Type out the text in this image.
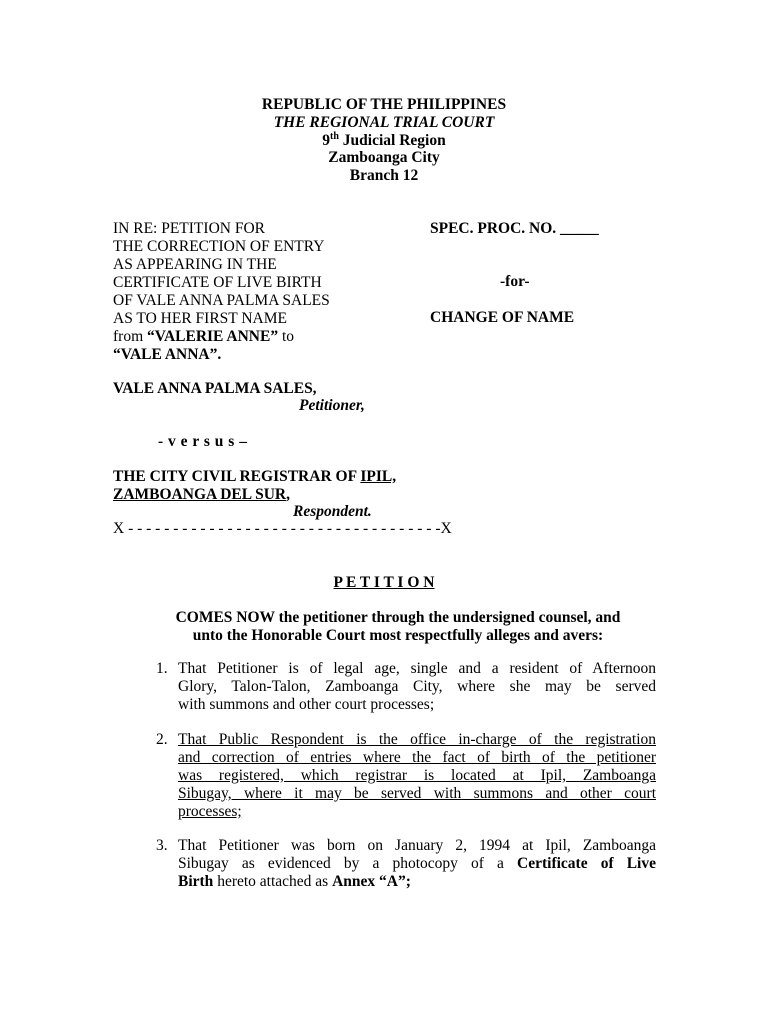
REPUBLIC OF THE PHILIPPINES
THE REGIONAL TRIAL COURT
9th Judicial Region
Zamboanga City
Branch 12
IN RE: PETITION FOR
THE CORRECTION OF ENTRY
AS APPEARING IN THE
CERTIFICATE OF LIVE BIRTH
OF VALE ANNA PALMA SALES
AS TO HER FIRST NAME
from “VALERIE ANNE” to
“VALE ANNA”.
SPEC. PROC. NO. _____
-for-
CHANGE OF NAME
VALE ANNA PALMA SALES,
Petitioner,
- v e r s u s –
THE CITY CIVIL REGISTRAR OF IPIL,
ZAMBOANGA DEL SUR,
Respondent.
X - - - - - - - - - - - - - - - - - - - - - - - - - - - - - - - - - - -X
P E T I T I O N
COMES NOW the petitioner through the undersigned counsel, and
unto the Honorable Court most respectfully alleges and avers:
1. That Petitioner is of legal age, single and a resident of Afternoon
Glory, Talon-Talon, Zamboanga City, where she may be served
with summons and other court processes;
2. That Public Respondent is the office in-charge of the registration
and correction of entries where the fact of birth of the petitioner
was registered, which registrar is located at Ipil, Zamboanga
Sibugay, where it may be served with summons and other court
processes;
3. That Petitioner was born on January 2, 1994 at Ipil, Zamboanga
Sibugay as evidenced by a photocopy of a Certificate of Live
Birth hereto attached as Annex “A”;
